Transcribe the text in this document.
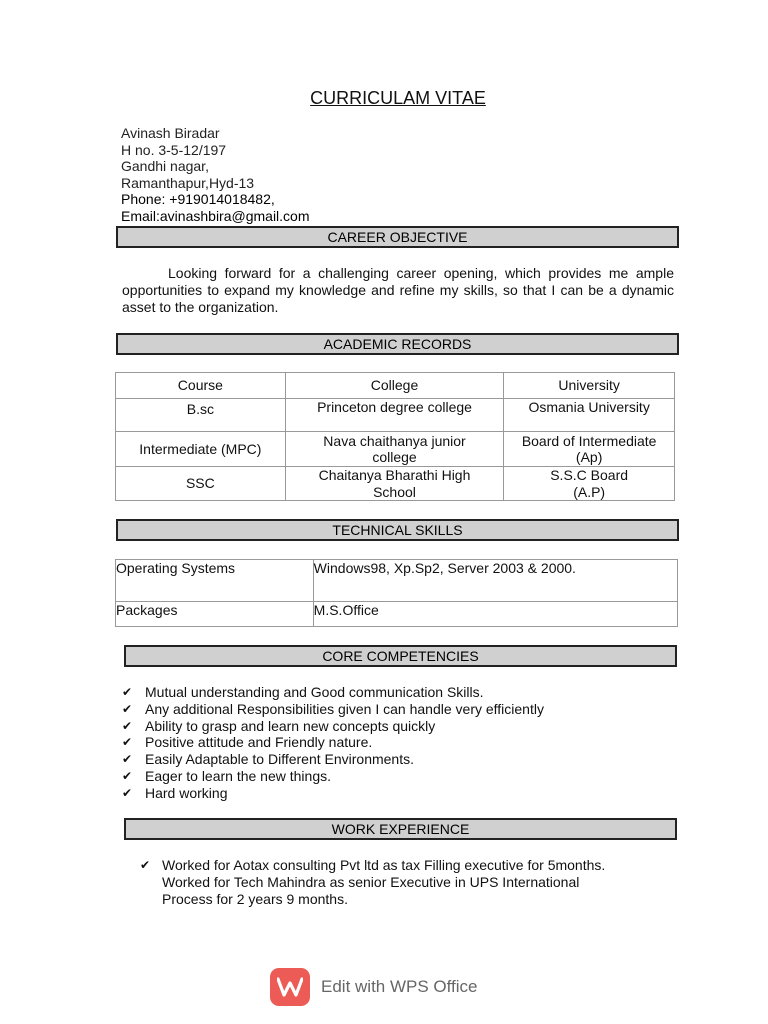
CURRICULAM VITAE
Avinash Biradar
H no. 3-5-12/197
Gandhi nagar,
Ramanthapur,Hyd-13
Phone: +919014018482,
Email:avinashbira@gmail.com
CAREER OBJECTIVE
Looking forward for a challenging career opening, which provides me ample opportunities to expand my knowledge and refine my skills, so that I can be a dynamic asset to the organization.
ACADEMIC RECORDS
Course	College	University
B.sc	Princeton degree college	Osmania University
Intermediate (MPC)	Nava chaithanya junior college	Board of Intermediate (Ap)
SSC	Chaitanya Bharathi High School	S.S.C Board (A.P)
TECHNICAL SKILLS
Operating Systems	Windows98, Xp.Sp2, Server 2003 & 2000.
Packages	M.S.Office
CORE COMPETENCIES
✔ Mutual understanding and Good communication Skills.
✔ Any additional Responsibilities given I can handle very efficiently
✔ Ability to grasp and learn new concepts quickly
✔ Positive attitude and Friendly nature.
✔ Easily Adaptable to Different Environments.
✔ Eager to learn the new things.
✔ Hard working
WORK EXPERIENCE
✔ Worked for Aotax consulting Pvt ltd as tax Filling executive for 5months.
Worked for Tech Mahindra as senior Executive in UPS International
Process for 2 years 9 months.
Edit with WPS Office
